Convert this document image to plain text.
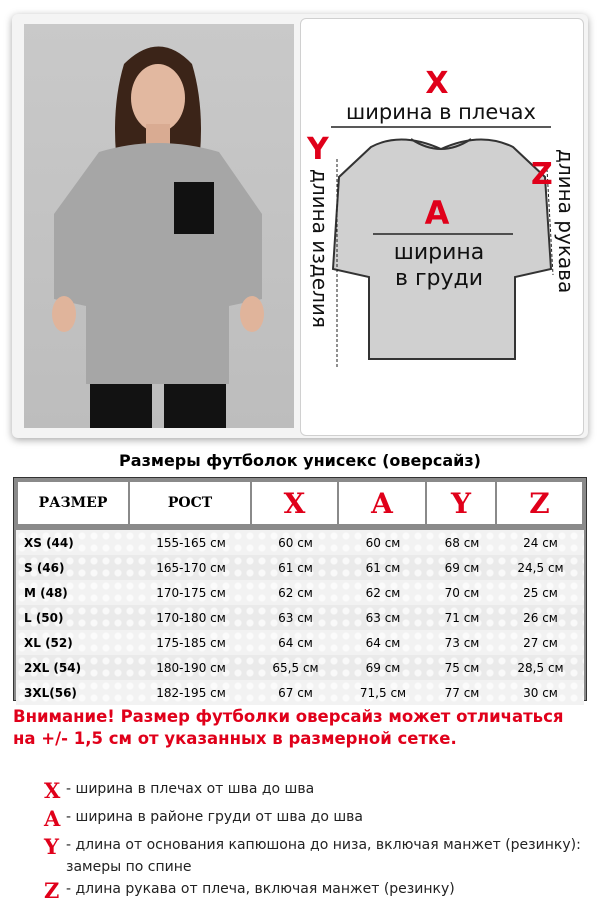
X
ширина в плечах
A
ширина
в груди
Y
Z
длина изделия	длина рукава
Размеры футболок унисекс (оверсайз)
РАЗМЕР	РОСТ	X	A	Y	Z
XS (44)	155-165 см	60 см	60 см	68 см	24 см
S (46)	165-170 см	61 см	61 см	69 см	24,5 см
M (48)	170-175 см	62 см	62 см	70 см	25 см
L (50)	170-180 см	63 см	63 см	71 см	26 см
XL (52)	175-185 см	64 см	64 см	73 см	27 см
2XL (54)	180-190 см	65,5 см	69 см	75 см	28,5 см
3XL(56)	182-195 см	67 см	71,5 см	77 см	30 см
Внимание! Размер футболки оверсайз может отличаться на +/- 1,5 см от указанных в размерной сетке.
X - ширина в плечах от шва до шва
A - ширина в районе груди от шва до шва
Y - длина от основания капюшона до низа, включая манжет (резинку): замеры по спине
Z - длина рукава от плеча, включая манжет (резинку)
